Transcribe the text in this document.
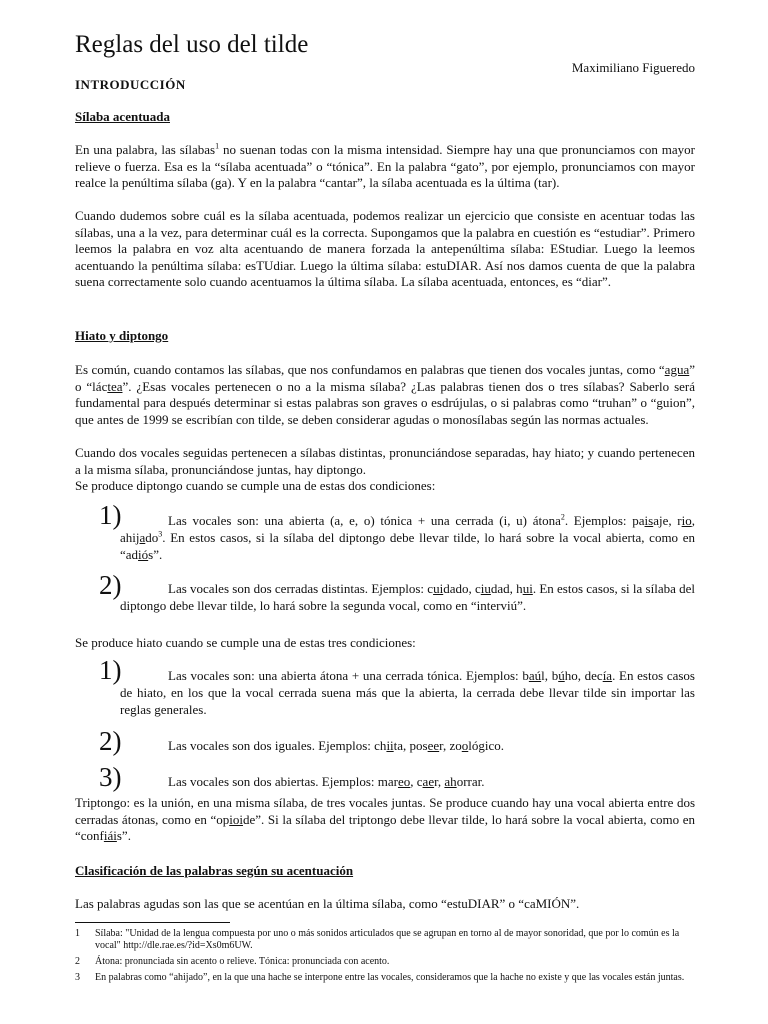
Reglas del uso del tilde
Maximiliano Figueredo
INTRODUCCIÓN
Sílaba acentuada

En una palabra, las sílabas$^1$ no suenan todas con la misma intensidad. Siempre hay una que pronunciamos con mayor relieve o fuerza. Esa es la “sílaba acentuada” o “tónica”. En la palabra “gato”, por ejemplo, pronunciamos con mayor realce la penúltima sílaba (ga). Y en la palabra “cantar”, la sílaba acentuada es la última (tar).

Cuando dudemos sobre cuál es la sílaba acentuada, podemos realizar un ejercicio que consiste en acentuar todas las sílabas, una a la vez, para determinar cuál es la correcta. Supongamos que la palabra en cuestión es “estudiar”. Primero leemos la palabra en voz alta acentuando de manera forzada la antepenúltima sílaba: EStudiar. Luego la leemos acentuando la penúltima sílaba: esTUdiar. Luego la última sílaba: estuDIAR. Así nos damos cuenta de que la palabra suena correctamente solo cuando acentuamos la última sílaba. La sílaba acentuada, entonces, es “diar”.

Hiato y diptongo

Es común, cuando contamos las sílabas, que nos confundamos en palabras que tienen dos vocales juntas, como “agua” o “láctea”. ¿Esas vocales pertenecen o no a la misma sílaba? ¿Las palabras tienen dos o tres sílabas? Saberlo será fundamental para después determinar si estas palabras son graves o esdrújulas, o si palabras como “truhan” o “guion”, que antes de 1999 se escribían con tilde, se deben considerar agudas o monosílabas según las normas actuales.

Cuando dos vocales seguidas pertenecen a sílabas distintas, pronunciándose separadas, hay hiato; y cuando pertenecen a la misma sílaba, pronunciándose juntas, hay diptongo.

Se produce diptongo cuando se cumple una de estas dos condiciones:

1)	Las vocales son: una abierta (a, e, o) tónica + una cerrada (i, u) átona$^2$. Ejemplos: paisaje, rio, ahijado$^3$. En estos casos, si la sílaba del diptongo debe llevar tilde, lo hará sobre la vocal abierta, como en “adiós”.

2)	Las vocales son dos cerradas distintas. Ejemplos: cuidado, ciudad, hui. En estos casos, si la sílaba del diptongo debe llevar tilde, lo hará sobre la segunda vocal, como en “interviú”.

Se produce hiato cuando se cumple una de estas tres condiciones:

1)	Las vocales son: una abierta átona + una cerrada tónica. Ejemplos: baúl, búho, decía. En estos casos de hiato, en los que la vocal cerrada suena más que la abierta, la cerrada debe llevar tilde sin importar las reglas generales.

2)	Las vocales son dos iguales. Ejemplos: chiita, poseer, zoológico.

3)	Las vocales son dos abiertas. Ejemplos: mareo, caer, ahorrar.

Triptongo: es la unión, en una misma sílaba, de tres vocales juntas. Se produce cuando hay una vocal abierta entre dos cerradas átonas, como en “opioide”. Si la sílaba del triptongo debe llevar tilde, lo hará sobre la vocal abierta, como en “confiáis”.

Clasificación de las palabras según su acentuación

Las palabras agudas son las que se acentúan en la última sílaba, como “estuDIAR” o “caMIÓN”.

1	Sílaba: "Unidad de la lengua compuesta por uno o más sonidos articulados que se agrupan en torno al de mayor sonoridad, que por lo común es la vocal" http://dle.rae.es/?id=Xs0m6UW.
2	Átona: pronunciada sin acento o relieve. Tónica: pronunciada con acento.
3	En palabras como “ahijado”, en la que una hache se interpone entre las vocales, consideramos que la hache no existe y que las vocales están juntas.
